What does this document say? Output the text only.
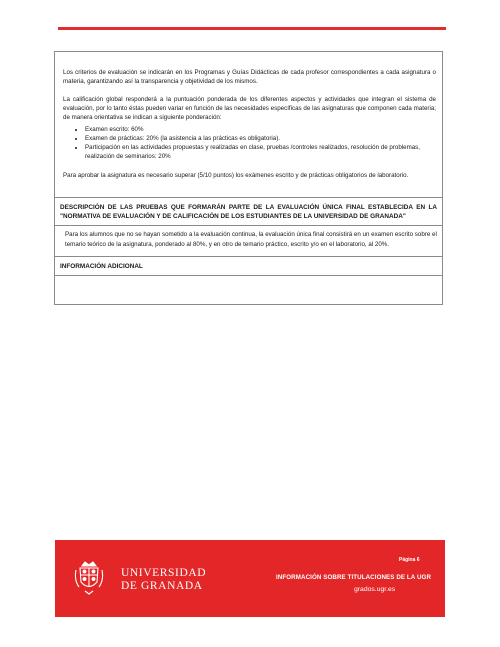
Los criterios de evaluación se indicarán en los Programas y Guías Didácticas de cada profesor correspondientes a cada asignatura o materia, garantizando así la transparencia y objetividad de los mismos.

La calificación global responderá a la puntuación ponderada de los diferentes aspectos y actividades que integran el sistema de evaluación, por lo tanto éstas pueden variar en función de las necesidades específicas de las asignaturas que componen cada materia; de manera orientativa se indican a siguiente ponderación:

• Examen escrito: 60%
• Examen de prácticas: 20% (la asistencia a las prácticas es obligatoria).
• Participación en las actividades propuestas y realizadas en clase, pruebas /controles realizados, resolución de problemas, realización de seminarios: 20%

Para aprobar la asignatura es necesario superar (5/10 puntos) los exámenes escrito y de prácticas obligatorios de laboratorio.

DESCRIPCIÓN DE LAS PRUEBAS QUE FORMARÁN PARTE DE LA EVALUACIÓN ÚNICA FINAL ESTABLECIDA EN LA "NORMATIVA DE EVALUACIÓN Y DE CALIFICACIÓN DE LOS ESTUDIANTES DE LA UNIVERSIDAD DE GRANADA"

Para los alumnos que no se hayan sometido a la evaluación continua, la evaluación única final consistirá en un examen escrito sobre el temario teórico de la asignatura, ponderado al 80%, y en otro de temario práctico, escrito y/o en el laboratorio, al 20%.

INFORMACIÓN ADICIONAL
UNIVERSIDAD
DE GRANADA
Página 6
INFORMACIÓN SOBRE TITULACIONES DE LA UGR
grados.ugr.es
